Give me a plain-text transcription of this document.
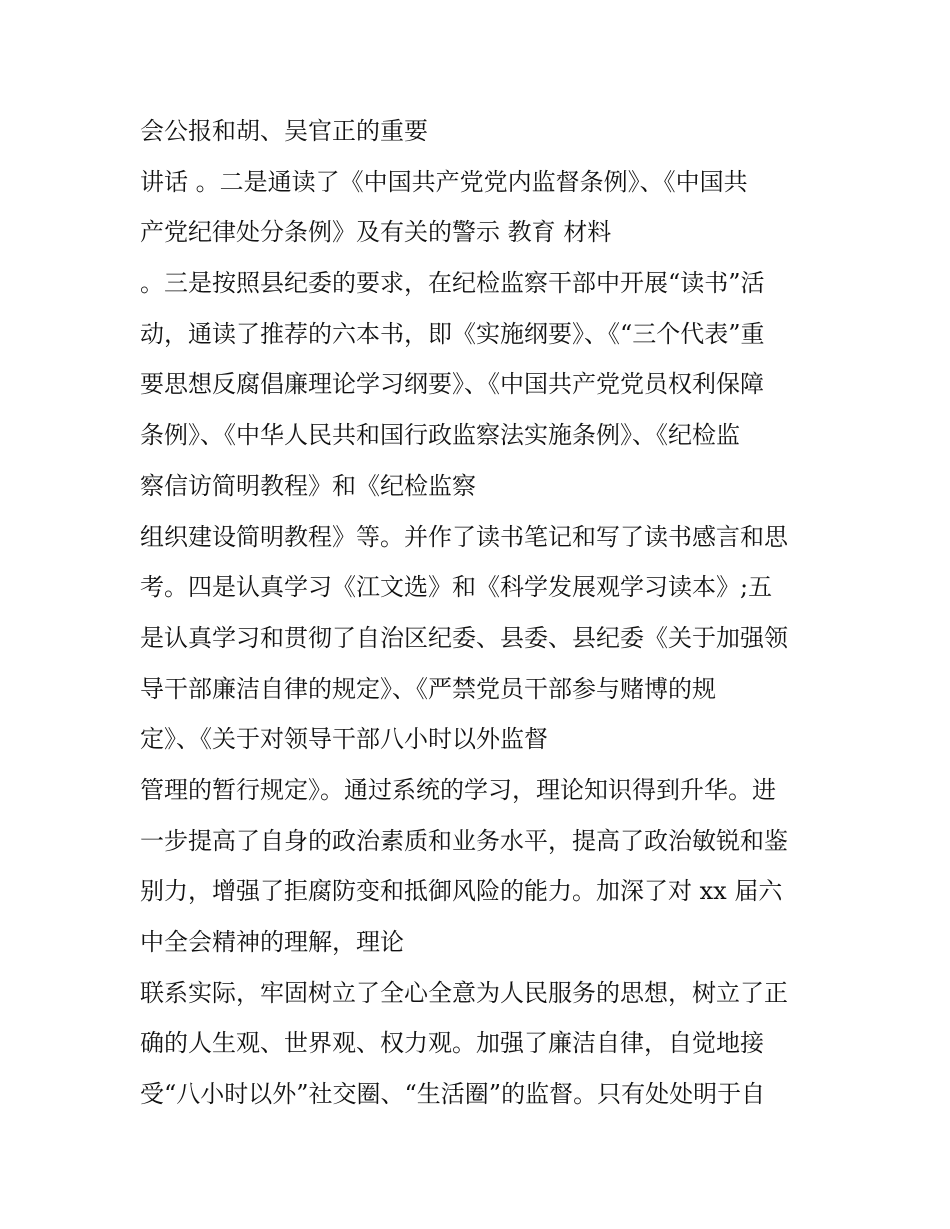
会公报和胡、吴官正的重要
讲话 。二是通读了《中国共产党党内监督条例》、《中国共
产党纪律处分条例》及有关的警示 教育 材料
。三是按照县纪委的要求，在纪检监察干部中开展“读书”活
动，通读了推荐的六本书，即《实施纲要》、《“三个代表”重
要思想反腐倡廉理论学习纲要》、《中国共产党党员权利保障
条例》、《中华人民共和国行政监察法实施条例》、《纪检监
察信访简明教程》和《纪检监察
组织建设简明教程》等。并作了读书笔记和写了读书感言和思
考。四是认真学习《江文选》和《科学发展观学习读本》;五
是认真学习和贯彻了自治区纪委、县委、县纪委《关于加强领
导干部廉洁自律的规定》、《严禁党员干部参与赌博的规
定》、《关于对领导干部八小时以外监督
管理的暂行规定》。通过系统的学习，理论知识得到升华。进
一步提高了自身的政治素质和业务水平，提高了政治敏锐和鉴
别力，增强了拒腐防变和抵御风险的能力。加深了对 xx 届六
中全会精神的理解，理论
联系实际，牢固树立了全心全意为人民服务的思想，树立了正
确的人生观、世界观、权力观。加强了廉洁自律，自觉地接
受“八小时以外”社交圈、“生活圈”的监督。只有处处明于自
